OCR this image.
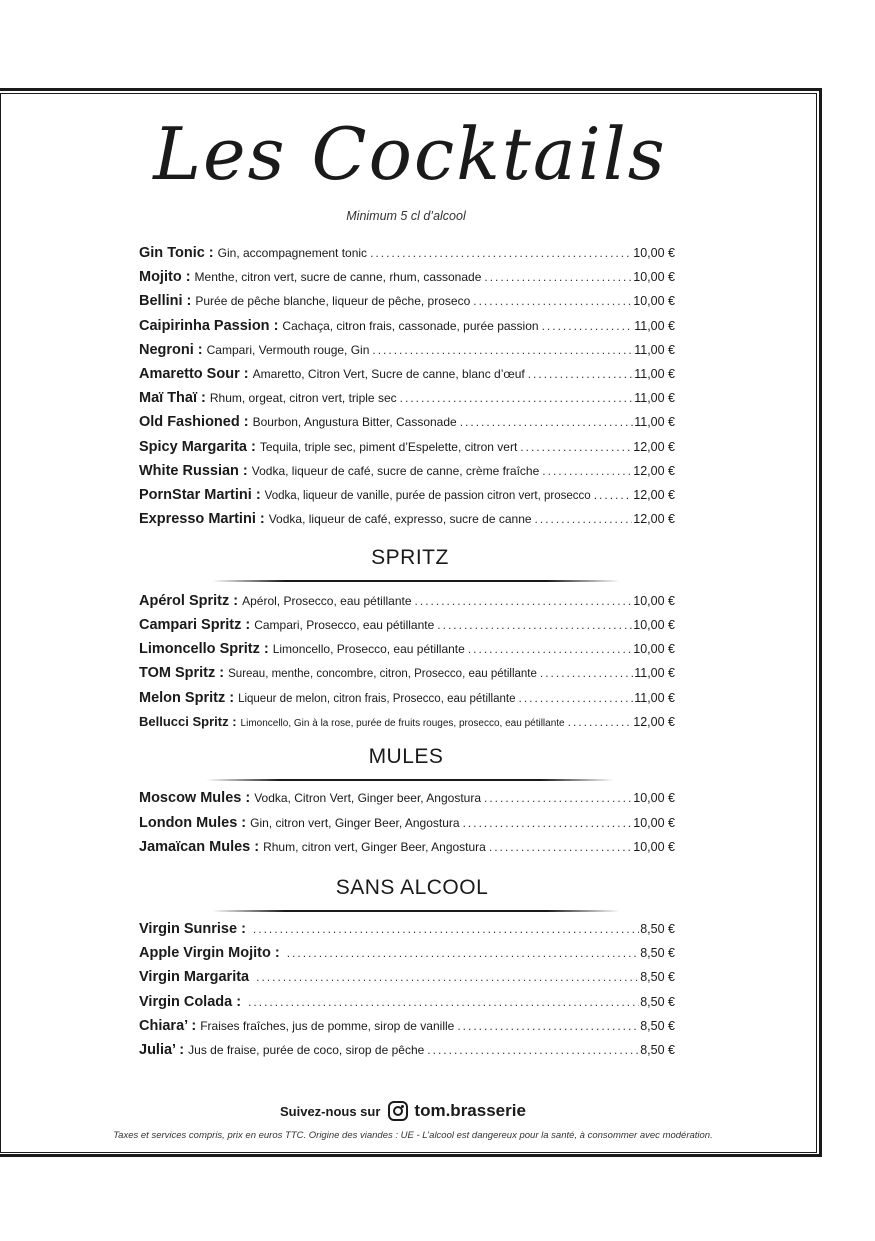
Les Cocktails
Minimum 5 cl d’alcool
Gin Tonic : Gin, accompagnement tonic .....	10,00 €
Mojito : Menthe, citron vert, sucre de canne, rhum, cassonade .....	10,00 €
Bellini : Purée de pêche blanche, liqueur de pêche, proseco .....	10,00 €
Caipirinha Passion : Cachaça, citron frais, cassonade, purée passion .....	11,00 €
Negroni : Campari, Vermouth rouge, Gin .....	11,00 €
Amaretto Sour : Amaretto, Citron Vert, Sucre de canne, blanc d’œuf .....	11,00 €
Maï Thaï : Rhum, orgeat, citron vert, triple sec .....	11,00 €
Old Fashioned : Bourbon, Angustura Bitter, Cassonade .....	11,00 €
Spicy Margarita : Tequila, triple sec, piment d’Espelette, citron vert .....	12,00 €
White Russian : Vodka, liqueur de café, sucre de canne, crème fraîche .....	12,00 €
PornStar Martini : Vodka, liqueur de vanille, purée de passion citron vert, prosecco .....	12,00 €
Expresso Martini : Vodka, liqueur de café, expresso, sucre de canne .....	12,00 €
SPRITZ
Apérol Spritz : Apérol, Prosecco, eau pétillante .....	10,00 €
Campari Spritz : Campari, Prosecco, eau pétillante .....	10,00 €
Limoncello Spritz : Limoncello, Prosecco, eau pétillante .....	10,00 €
TOM Spritz : Sureau, menthe, concombre, citron, Prosecco, eau pétillante .....	11,00 €
Melon Spritz : Liqueur de melon, citron frais, Prosecco, eau pétillante .....	11,00 €
Bellucci Spritz : Limoncello, Gin à la rose, purée de fruits rouges, prosecco, eau pétillante .....	12,00 €
MULES
Moscow Mules : Vodka, Citron Vert, Ginger beer, Angostura .....	10,00 €
London Mules : Gin, citron vert, Ginger Beer, Angostura .....	10,00 €
Jamaïcan Mules : Rhum, citron vert, Ginger Beer, Angostura .....	10,00 €
SANS ALCOOL
Virgin Sunrise : .....	8,50 €
Apple Virgin Mojito : .....	8,50 €
Virgin Margarita .....	8,50 €
Virgin Colada : .....	8,50 €
Chiara’ : Fraises fraîches, jus de pomme, sirop de vanille .....	8,50 €
Julia’ : Jus de fraise, purée de coco, sirop de pêche .....	8,50 €
Suivez-nous sur tom.brasserie
Taxes et services compris, prix en euros TTC. Origine des viandes : UE - L’alcool est dangereux pour la santé, à consommer avec modération.
